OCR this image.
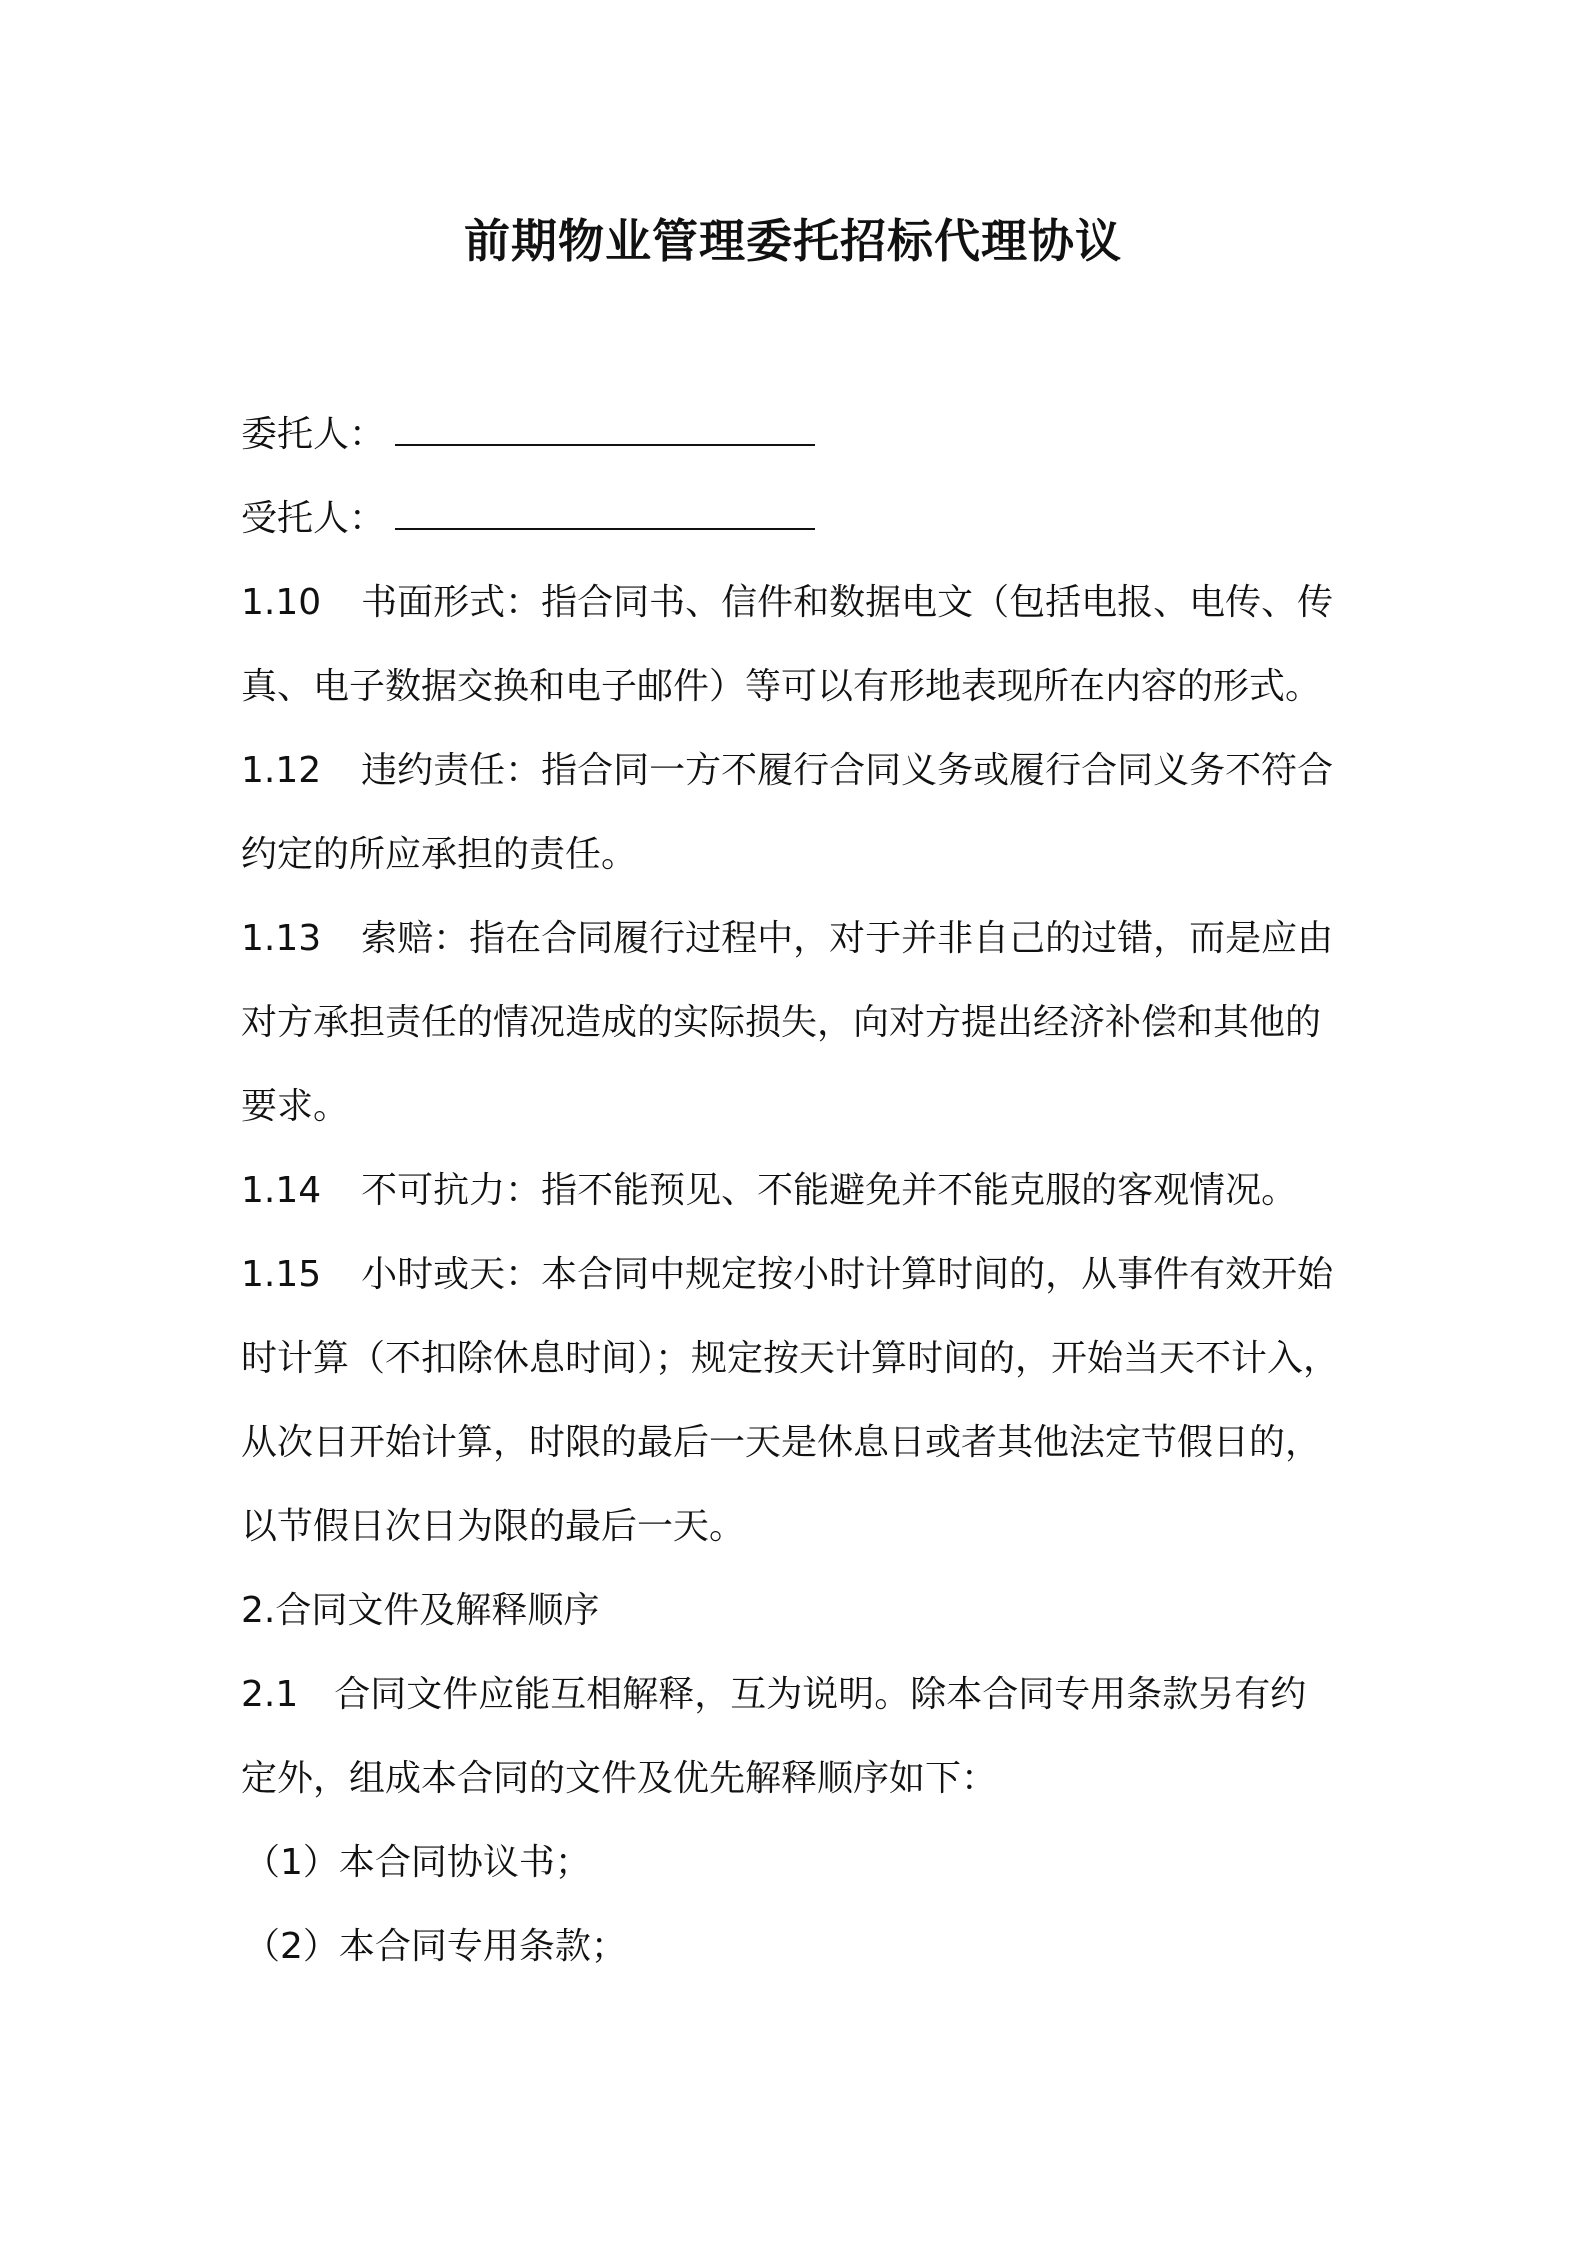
前期物业管理委托招标代理协议
委托人：
受托人：
1.10 书面形式：指合同书、信件和数据电文（包括电报、电传、传
真、电子数据交换和电子邮件）等可以有形地表现所在内容的形式。
1.12 违约责任：指合同一方不履行合同义务或履行合同义务不符合
约定的所应承担的责任。
1.13 索赔：指在合同履行过程中，对于并非自己的过错，而是应由
对方承担责任的情况造成的实际损失，向对方提出经济补偿和其他的
要求。
1.14 不可抗力：指不能预见、不能避免并不能克服的客观情况。
1.15 小时或天：本合同中规定按小时计算时间的，从事件有效开始
时计算（不扣除休息时间）；规定按天计算时间的，开始当天不计入，
从次日开始计算，时限的最后一天是休息日或者其他法定节假日的，
以节假日次日为限的最后一天。
2.合同文件及解释顺序
2.1 合同文件应能互相解释，互为说明。除本合同专用条款另有约
定外，组成本合同的文件及优先解释顺序如下：
（1）本合同协议书；
（2）本合同专用条款；
